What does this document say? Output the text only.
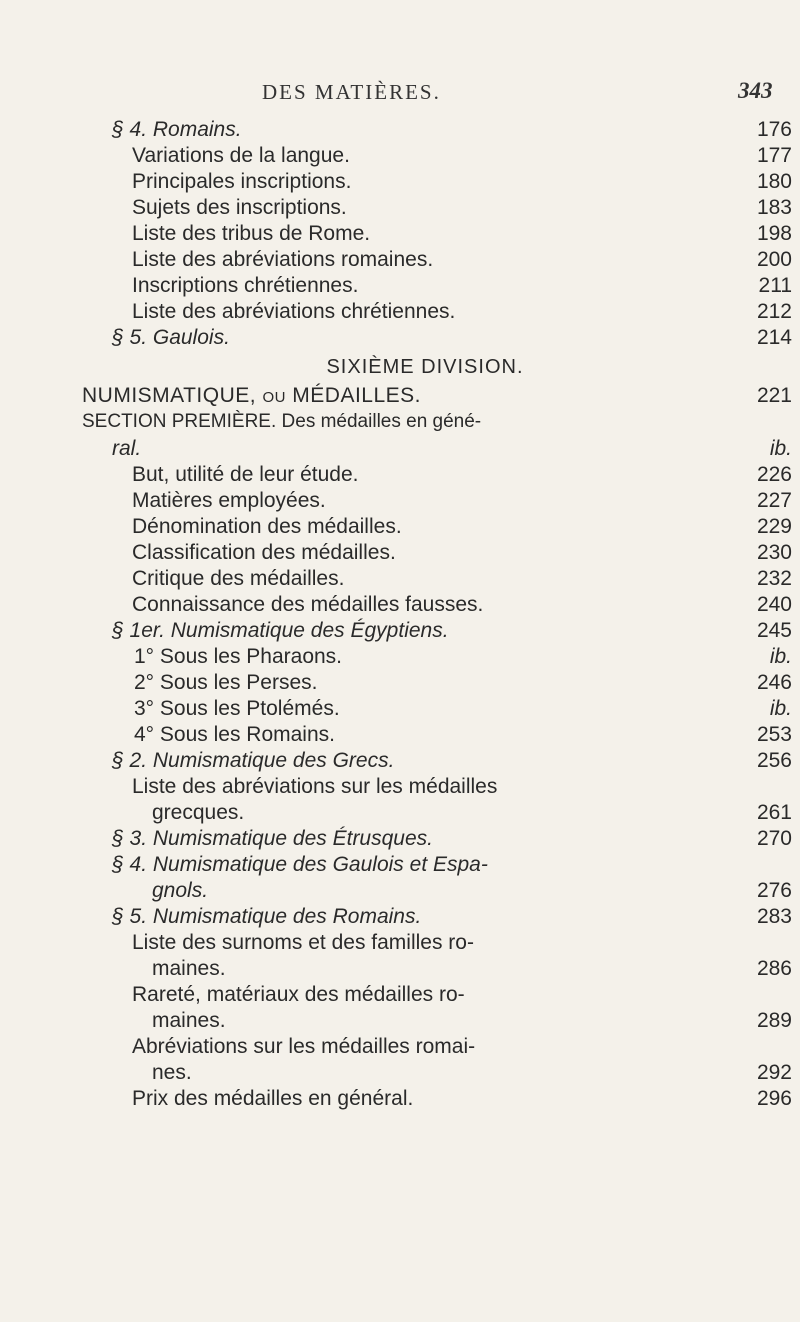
DES MATIÈRES.	343
§ 4. Romains.	176
Variations de la langue.	177
Principales inscriptions.	180
Sujets des inscriptions.	183
Liste des tribus de Rome.	198
Liste des abréviations romaines.	200
Inscriptions chrétiennes.	211
Liste des abréviations chrétiennes.	212
§ 5. Gaulois.	214
SIXIÈME DIVISION.
NUMISMATIQUE, ou MÉDAILLES.	221
SECTION PREMIÈRE. Des médailles en géné-
ral.	ib.
But, utilité de leur étude.	226
Matières employées.	227
Dénomination des médailles.	229
Classification des médailles.	230
Critique des médailles.	232
Connaissance des médailles fausses.	240
§ 1er. Numismatique des Égyptiens.	245
1° Sous les Pharaons.	ib.
2° Sous les Perses.	246
3° Sous les Ptolémés.	ib.
4° Sous les Romains.	253
§ 2. Numismatique des Grecs.	256
Liste des abréviations sur les médailles
grecques.	261
§ 3. Numismatique des Étrusques.	270
§ 4. Numismatique des Gaulois et Espa-
gnols.	276
§ 5. Numismatique des Romains.	283
Liste des surnoms et des familles ro-
maines.	286
Rareté, matériaux des médailles ro-
maines.	289
Abréviations sur les médailles romai-
nes.	292
Prix des médailles en général.	296
